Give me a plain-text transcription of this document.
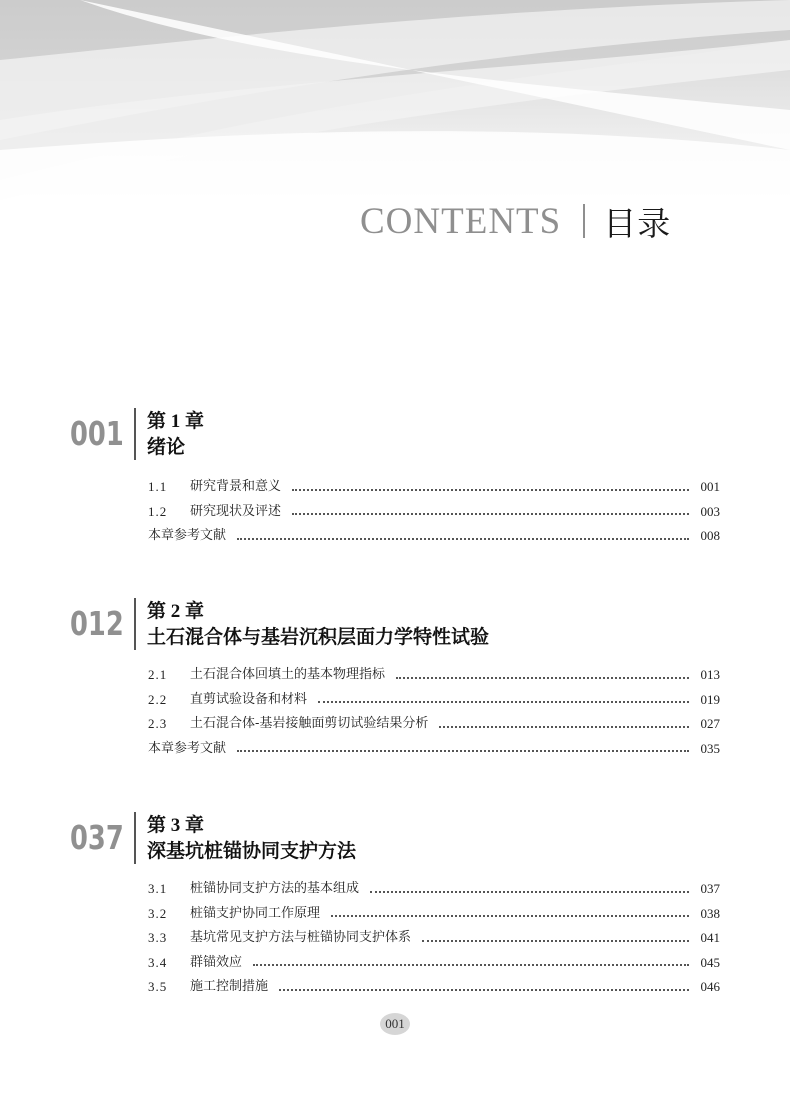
CONTENTS 目录
001 第 1 章
绪论
1.1	研究背景和意义	001
1.2	研究现状及评述	003
本章参考文献	008
012 第 2 章
土石混合体与基岩沉积层面力学特性试验
2.1	土石混合体回填土的基本物理指标	013
2.2	直剪试验设备和材料	019
2.3	土石混合体-基岩接触面剪切试验结果分析	027
本章参考文献	035
037 第 3 章
深基坑桩锚协同支护方法
3.1	桩锚协同支护方法的基本组成	037
3.2	桩锚支护协同工作原理	038
3.3	基坑常见支护方法与桩锚协同支护体系	041
3.4	群锚效应	045
3.5	施工控制措施	046
001
